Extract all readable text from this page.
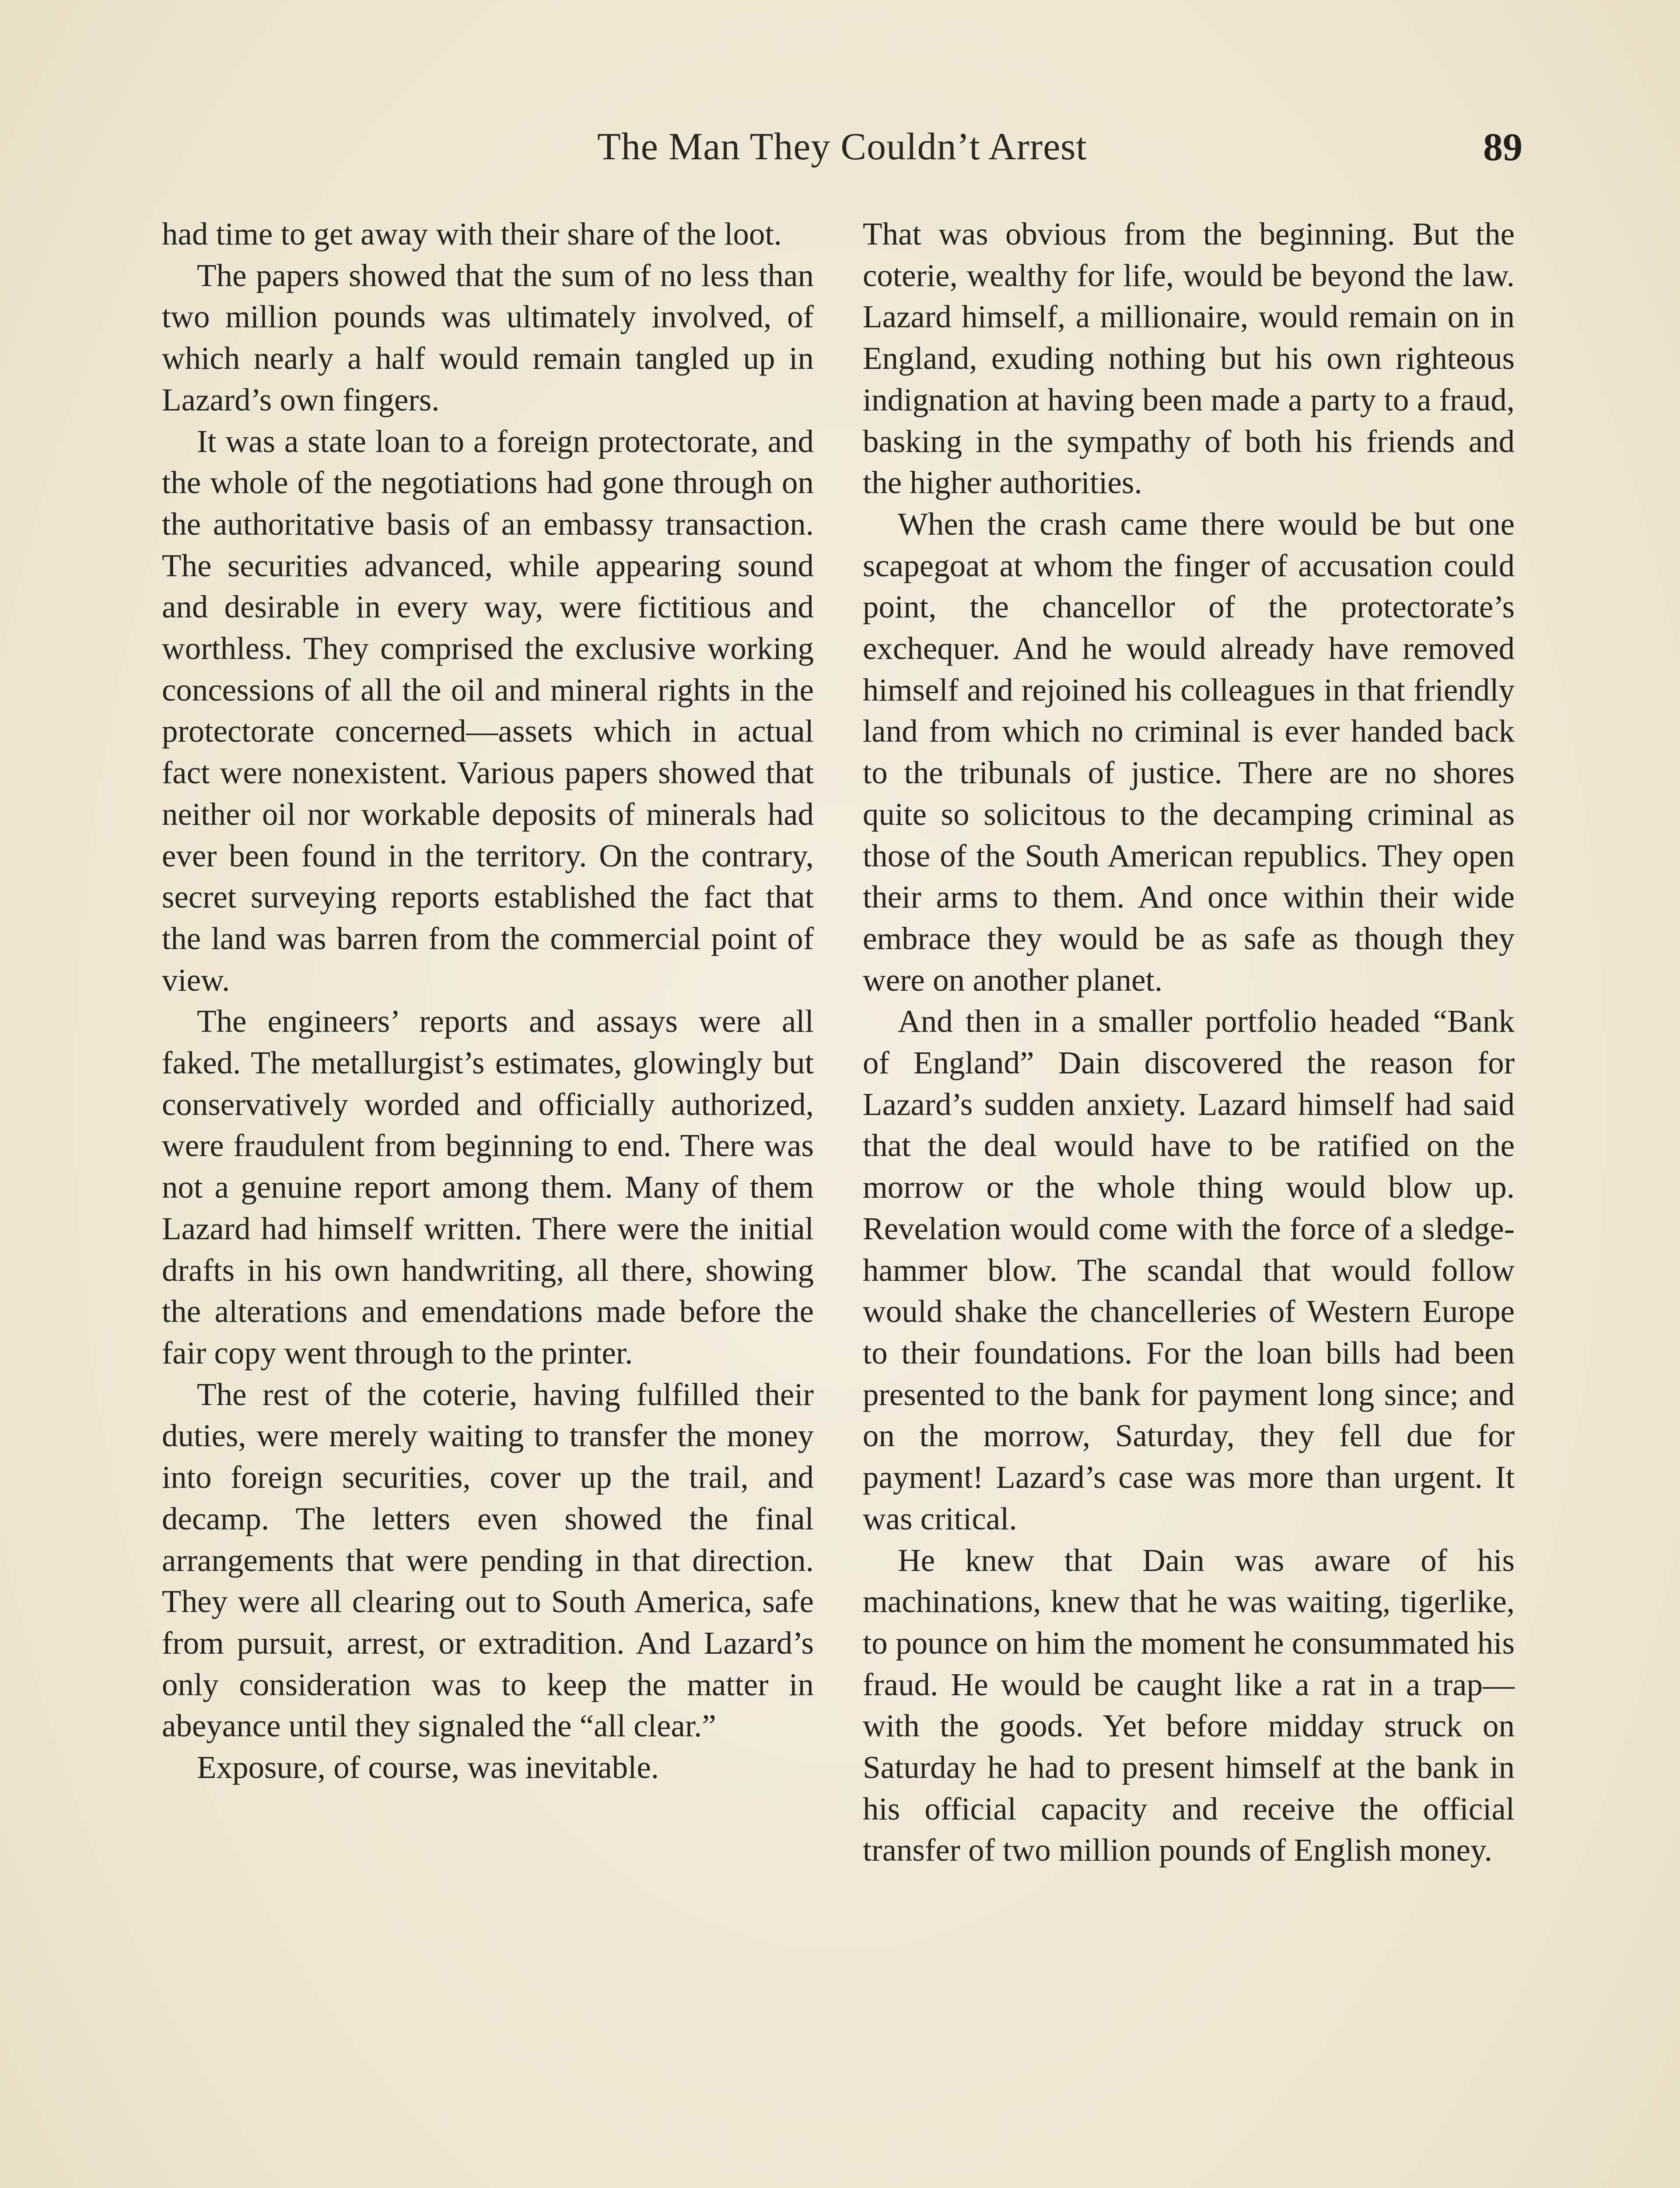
The Man They Couldn’t Arrest	89

had time to get away with their share of the loot.

The papers showed that the sum of no less than two million pounds was ultimately involved, of which nearly a half would remain tangled up in Lazard’s own fingers.

It was a state loan to a foreign protectorate, and the whole of the negotiations had gone through on the authoritative basis of an embassy transaction. The securities advanced, while appearing sound and desirable in every way, were fictitious and worthless. They comprised the exclusive working concessions of all the oil and mineral rights in the protectorate concerned—assets which in actual fact were nonexistent. Various papers showed that neither oil nor workable deposits of minerals had ever been found in the territory. On the contrary, secret surveying reports established the fact that the land was barren from the commercial point of view.

The engineers’ reports and assays were all faked. The metallurgist’s estimates, glowingly but conservatively worded and officially authorized, were fraudulent from beginning to end. There was not a genuine report among them. Many of them Lazard had himself written. There were the initial drafts in his own handwriting, all there, showing the alterations and emendations made before the fair copy went through to the printer.

The rest of the coterie, having fulfilled their duties, were merely waiting to transfer the money into foreign securities, cover up the trail, and decamp. The letters even showed the final arrangements that were pending in that direction. They were all clearing out to South America, safe from pursuit, arrest, or extradition. And Lazard’s only consideration was to keep the matter in abeyance until they signaled the “all clear.”

Exposure, of course, was inevitable.

That was obvious from the beginning. But the coterie, wealthy for life, would be beyond the law. Lazard himself, a millionaire, would remain on in England, exuding nothing but his own righteous indignation at having been made a party to a fraud, basking in the sympathy of both his friends and the higher authorities.

When the crash came there would be but one scapegoat at whom the finger of accusation could point, the chancellor of the protectorate’s exchequer. And he would already have removed himself and rejoined his colleagues in that friendly land from which no criminal is ever handed back to the tribunals of justice. There are no shores quite so solicitous to the decamping criminal as those of the South American republics. They open their arms to them. And once within their wide embrace they would be as safe as though they were on another planet.

And then in a smaller portfolio headed “Bank of England” Dain discovered the reason for Lazard’s sudden anxiety. Lazard himself had said that the deal would have to be ratified on the morrow or the whole thing would blow up. Revelation would come with the force of a sledge-hammer blow. The scandal that would follow would shake the chancelleries of Western Europe to their foundations. For the loan bills had been presented to the bank for payment long since; and on the morrow, Saturday, they fell due for payment! Lazard’s case was more than urgent. It was critical.

He knew that Dain was aware of his machinations, knew that he was waiting, tigerlike, to pounce on him the moment he consummated his fraud. He would be caught like a rat in a trap—with the goods. Yet before midday struck on Saturday he had to present himself at the bank in his official capacity and receive the official transfer of two million pounds of English money.
